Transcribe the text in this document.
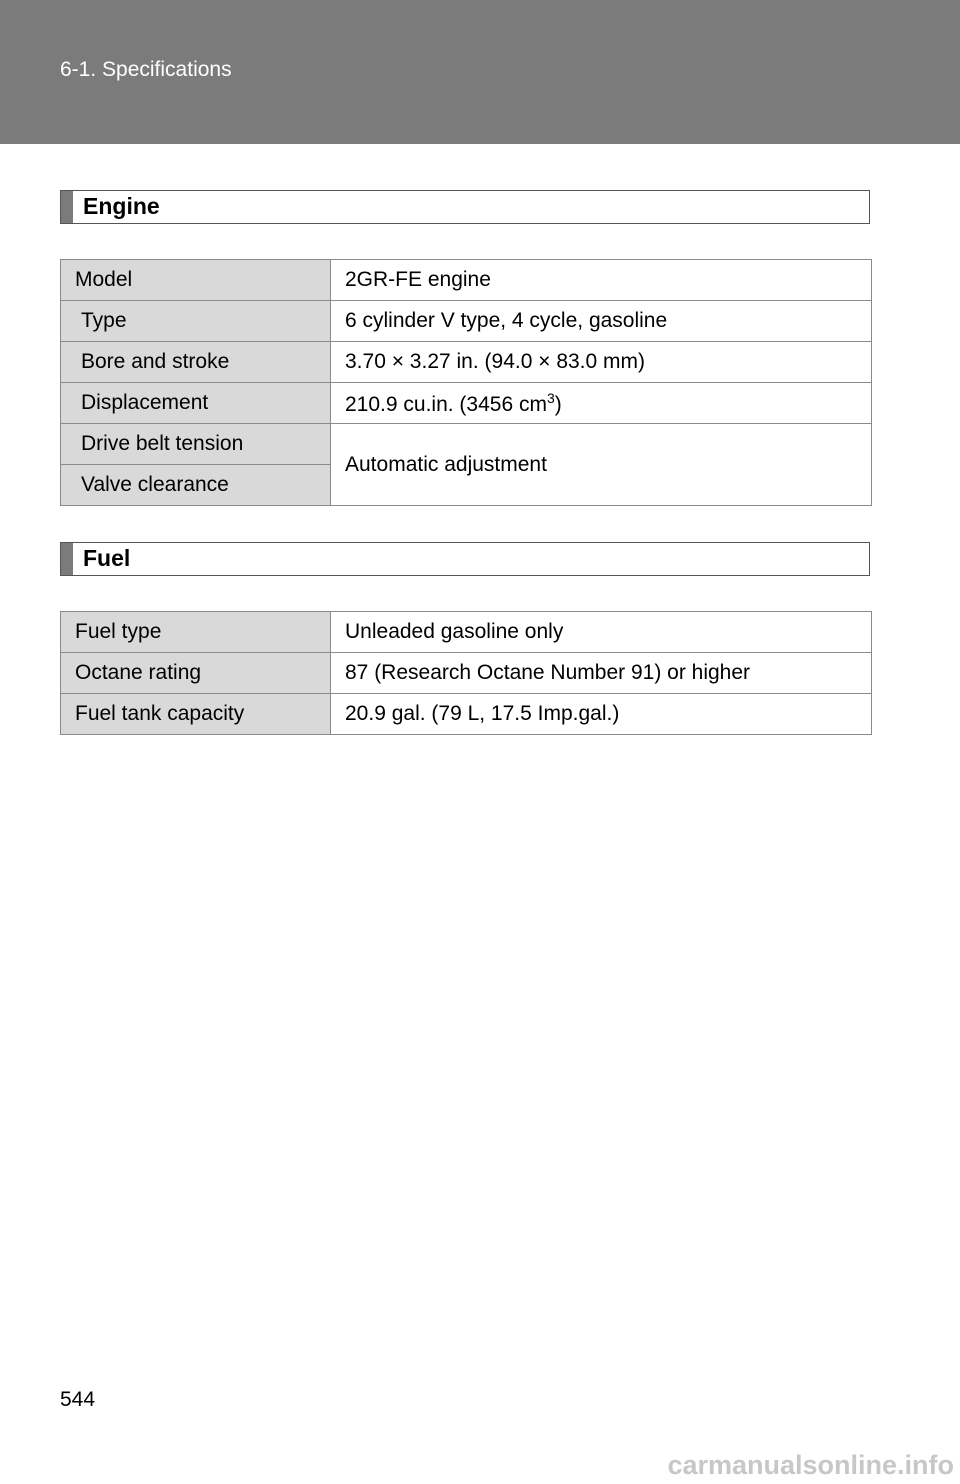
6-1. Specifications
Engine
Model	2GR-FE engine
Type	6 cylinder V type, 4 cycle, gasoline
Bore and stroke	3.70 × 3.27 in. (94.0 × 83.0 mm)
Displacement	210.9 cu.in. (3456 $cm^3$)
Drive belt tension	Automatic adjustment
Valve clearance	
Fuel
Fuel type	Unleaded gasoline only
Octane rating	87 (Research Octane Number 91) or higher
Fuel tank capacity	20.9 gal. (79 L, 17.5 Imp.gal.)
544
carmanualsonline.info
